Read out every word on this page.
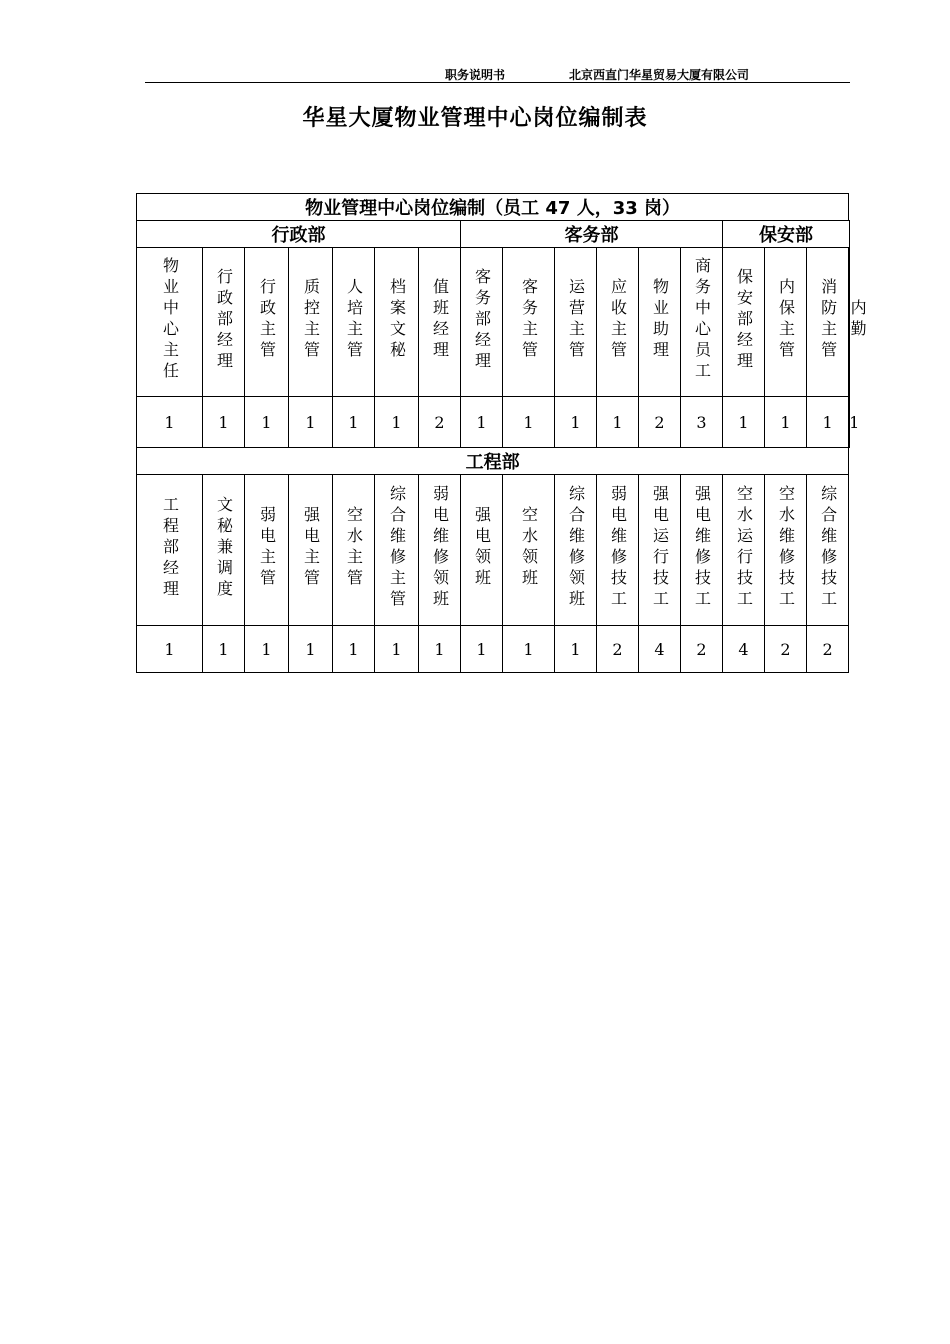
职务说明书	北京西直门华星贸易大厦有限公司
华星大厦物业管理中心岗位编制表
物业管理中心岗位编制（员工 47 人，33 岗）																
行政部							客务部						保安部			
物业中心主任	行政部经理	行政主管	质控主管	人培主管	档案文秘	值班经理	客务部经理	客务主管	运营主管	应收主管	物业助理	商务中心员工	保安部经理	内保主管	消防主管	内勤
1	1	1	1	1	1	2	1	1	1	1	2	3	1	1	1	1
工程部																
工程部经理	文秘兼调度	弱电主管	强电主管	空水主管	综合维修主管	弱电维修领班	强电领班	空水领班	综合维修领班	弱电维修技工	强电运行技工	强电维修技工	空水运行技工	空水维修技工	综合维修技工	
1	1	1	1	1	1	1	1	1	1	2	4	2	4	2	2	
